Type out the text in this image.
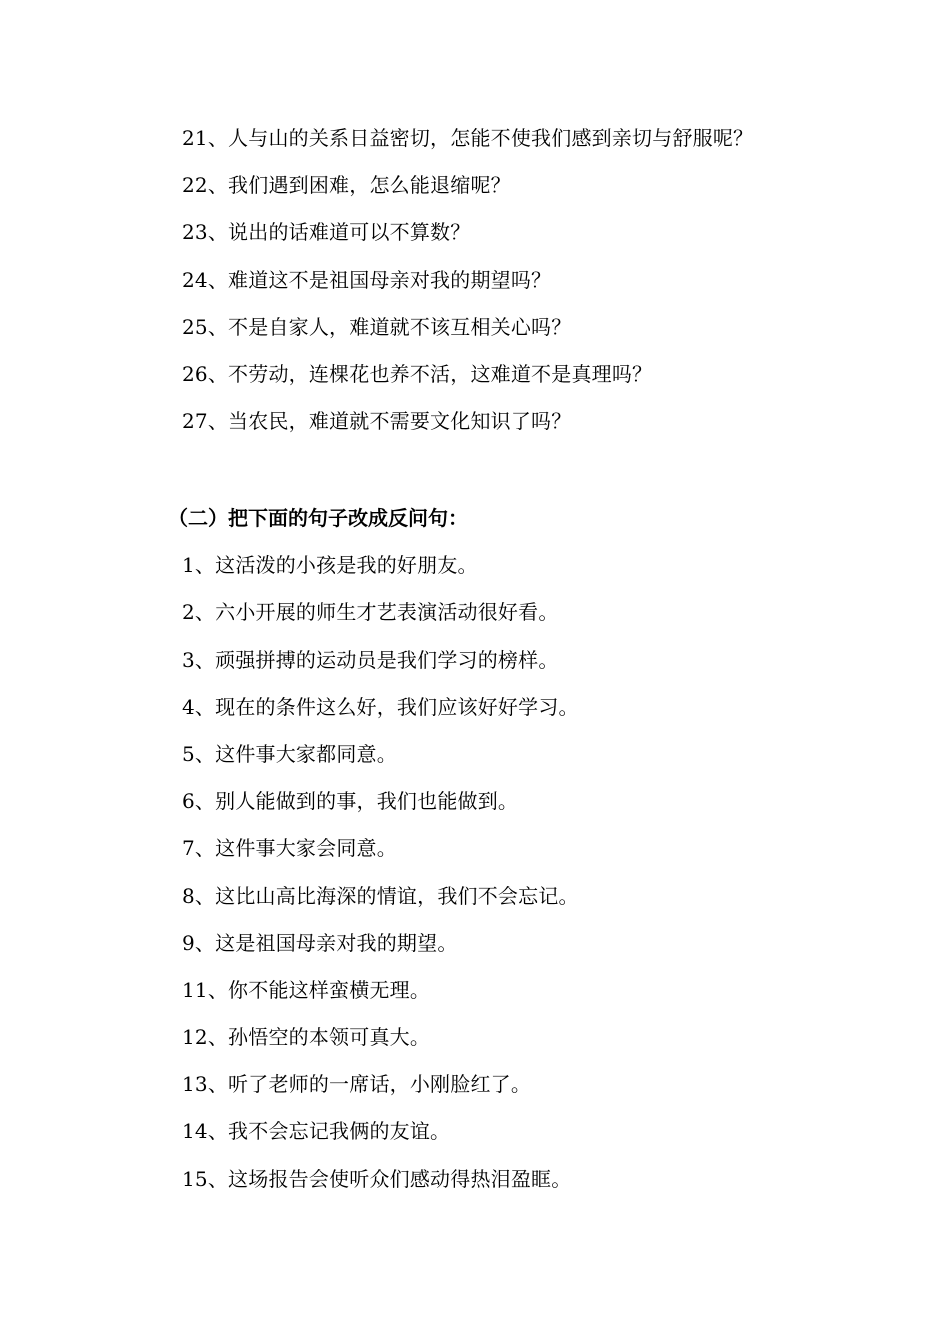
21、人与山的关系日益密切，怎能不使我们感到亲切与舒服呢？
22、我们遇到困难，怎么能退缩呢？
23、说出的话难道可以不算数？
24、难道这不是祖国母亲对我的期望吗？
25、不是自家人，难道就不该互相关心吗？
26、不劳动，连棵花也养不活，这难道不是真理吗？
27、当农民，难道就不需要文化知识了吗？
（二）把下面的句子改成反问句：
1、这活泼的小孩是我的好朋友。
2、六小开展的师生才艺表演活动很好看。
3、顽强拼搏的运动员是我们学习的榜样。
4、现在的条件这么好，我们应该好好学习。
5、这件事大家都同意。
6、别人能做到的事，我们也能做到。
7、这件事大家会同意。
8、这比山高比海深的情谊，我们不会忘记。
9、这是祖国母亲对我的期望。
11、你不能这样蛮横无理。
12、孙悟空的本领可真大。
13、听了老师的一席话，小刚脸红了。
14、我不会忘记我俩的友谊。
15、这场报告会使听众们感动得热泪盈眶。
